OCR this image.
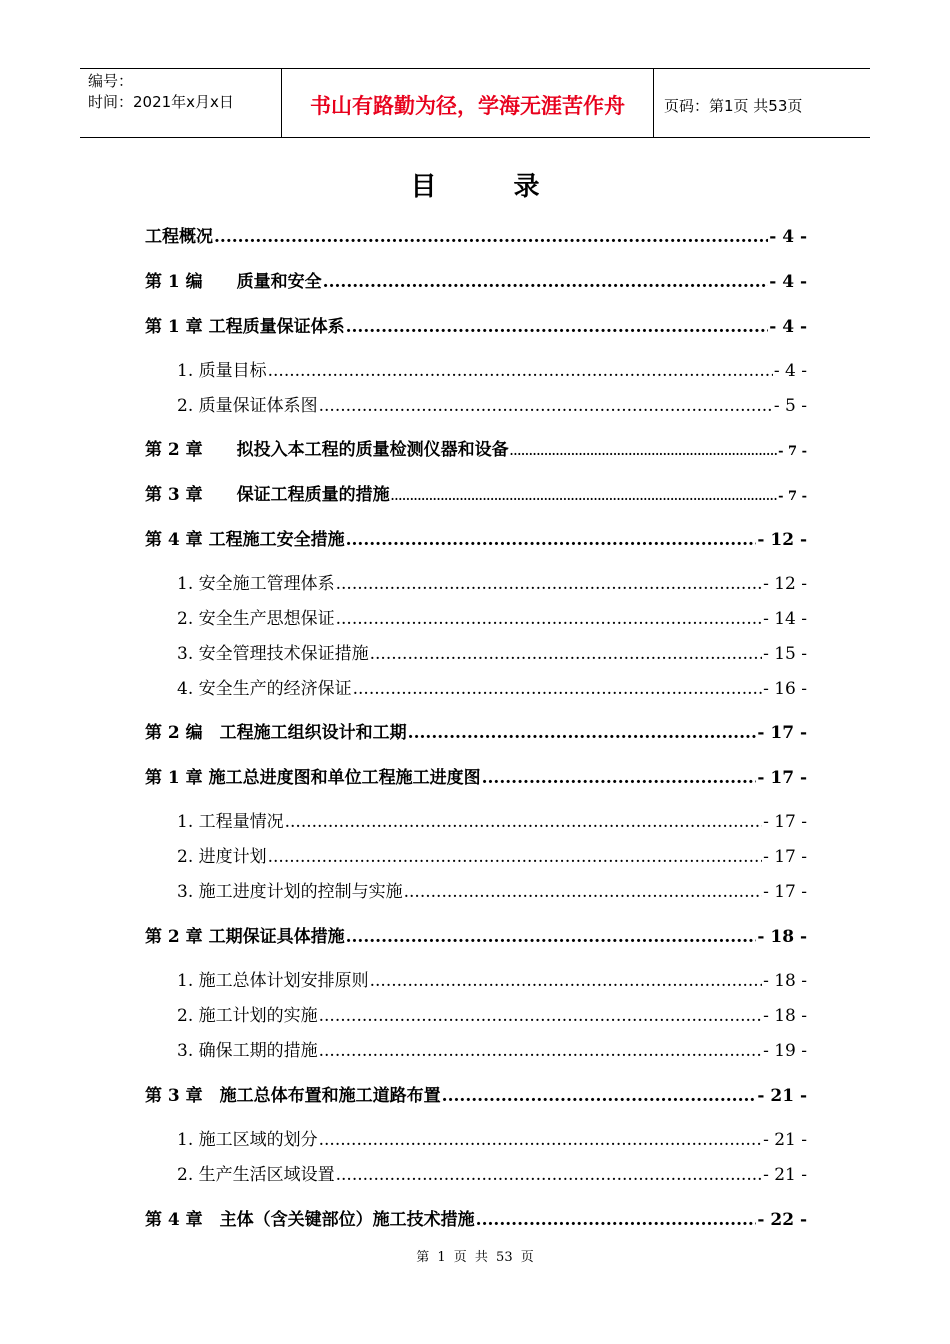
编号：
时间：2021年x月x日	书山有路勤为径，学海无涯苦作舟	页码：第1页 共53页
目 录
工程概况 .....	- 4 -
第 1 编　　质量和安全 .....	- 4 -
第 1 章 工程质量保证体系 .....	- 4 -
1. 质量目标 .....	- 4 -
2. 质量保证体系图 .....	- 5 -
第 2 章　　拟投入本工程的质量检测仪器和设备 .....	- 7 -
第 3 章　　保证工程质量的措施 .....	- 7 -
第 4 章 工程施工安全措施 .....	- 12 -
1. 安全施工管理体系 .....	- 12 -
2. 安全生产思想保证 .....	- 14 -
3. 安全管理技术保证措施 .....	- 15 -
4. 安全生产的经济保证 .....	- 16 -
第 2 编　工程施工组织设计和工期 .....	- 17 -
第 1 章 施工总进度图和单位工程施工进度图 .....	- 17 -
1. 工程量情况 .....	- 17 -
2. 进度计划 .....	- 17 -
3. 施工进度计划的控制与实施 .....	- 17 -
第 2 章 工期保证具体措施 .....	- 18 -
1. 施工总体计划安排原则 .....	- 18 -
2. 施工计划的实施 .....	- 18 -
3. 确保工期的措施 .....	- 19 -
第 3 章　施工总体布置和施工道路布置 .....	- 21 -
1. 施工区域的划分 .....	- 21 -
2. 生产生活区域设置 .....	- 21 -
第 4 章　主体（含关键部位）施工技术措施 .....	- 22 -
第 1 页 共 53 页
